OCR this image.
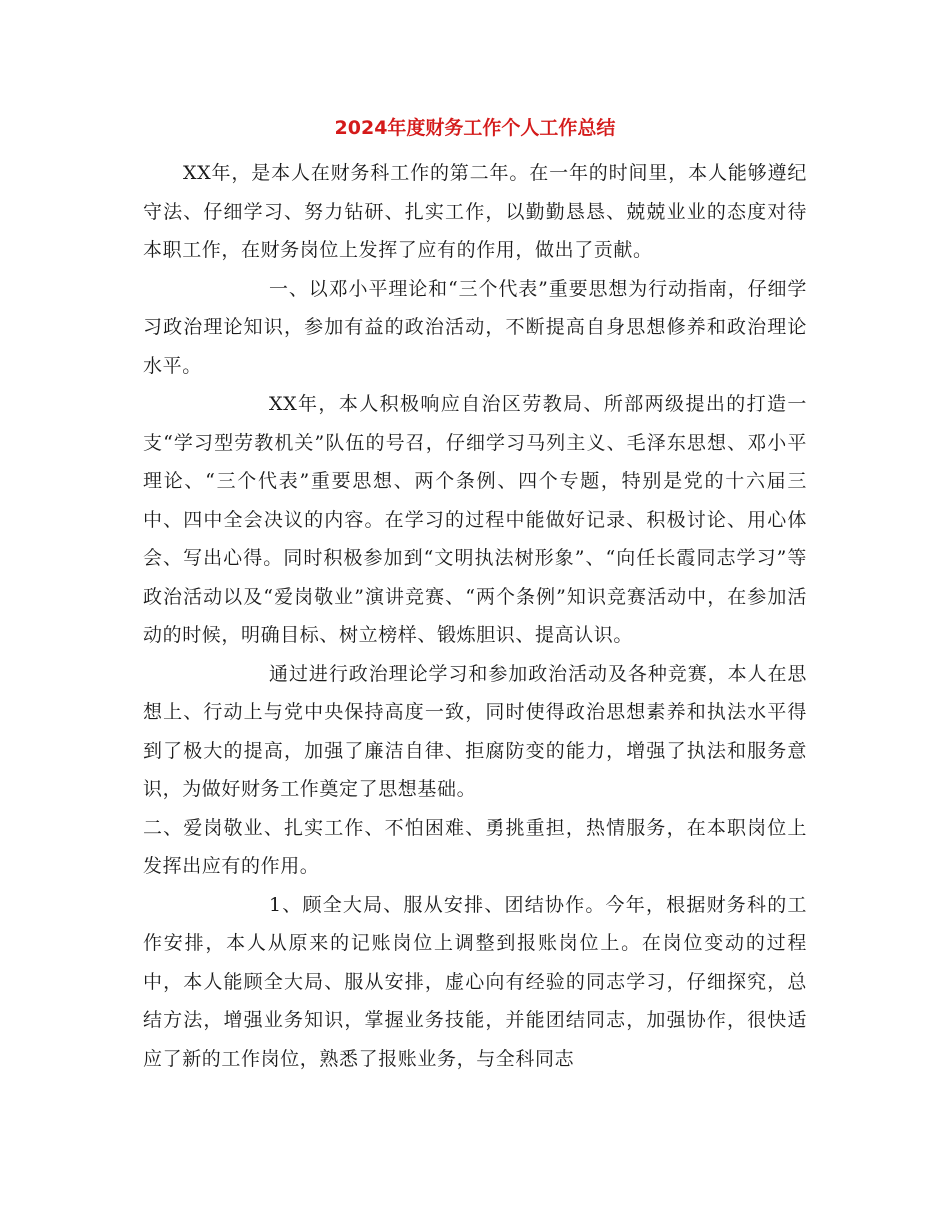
2024年度财务工作个人工作总结

XX年，是本人在财务科工作的第二年。在一年的时间里，本人能够遵纪守法、仔细学习、努力钻研、扎实工作，以勤勤恳恳、兢兢业业的态度对待本职工作，在财务岗位上发挥了应有的作用，做出了贡献。

一、以邓小平理论和“三个代表”重要思想为行动指南，仔细学习政治理论知识，参加有益的政治活动，不断提高自身思想修养和政治理论水平。

XX年，本人积极响应自治区劳教局、所部两级提出的打造一支“学习型劳教机关”队伍的号召，仔细学习马列主义、毛泽东思想、邓小平理论、“三个代表”重要思想、两个条例、四个专题，特别是党的十六届三中、四中全会决议的内容。在学习的过程中能做好记录、积极讨论、用心体会、写出心得。同时积极参加到“文明执法树形象”、“向任长霞同志学习”等政治活动以及“爱岗敬业”演讲竞赛、“两个条例”知识竞赛活动中，在参加活动的时候，明确目标、树立榜样、锻炼胆识、提高认识。

通过进行政治理论学习和参加政治活动及各种竞赛，本人在思想上、行动上与党中央保持高度一致，同时使得政治思想素养和执法水平得到了极大的提高，加强了廉洁自律、拒腐防变的能力，增强了执法和服务意识，为做好财务工作奠定了思想基础。

二、爱岗敬业、扎实工作、不怕困难、勇挑重担，热情服务，在本职岗位上发挥出应有的作用。

1、顾全大局、服从安排、团结协作。今年，根据财务科的工作安排，本人从原来的记账岗位上调整到报账岗位上。在岗位变动的过程中，本人能顾全大局、服从安排，虚心向有经验的同志学习，仔细探究，总结方法，增强业务知识，掌握业务技能，并能团结同志，加强协作，很快适应了新的工作岗位，熟悉了报账业务，与全科同志
